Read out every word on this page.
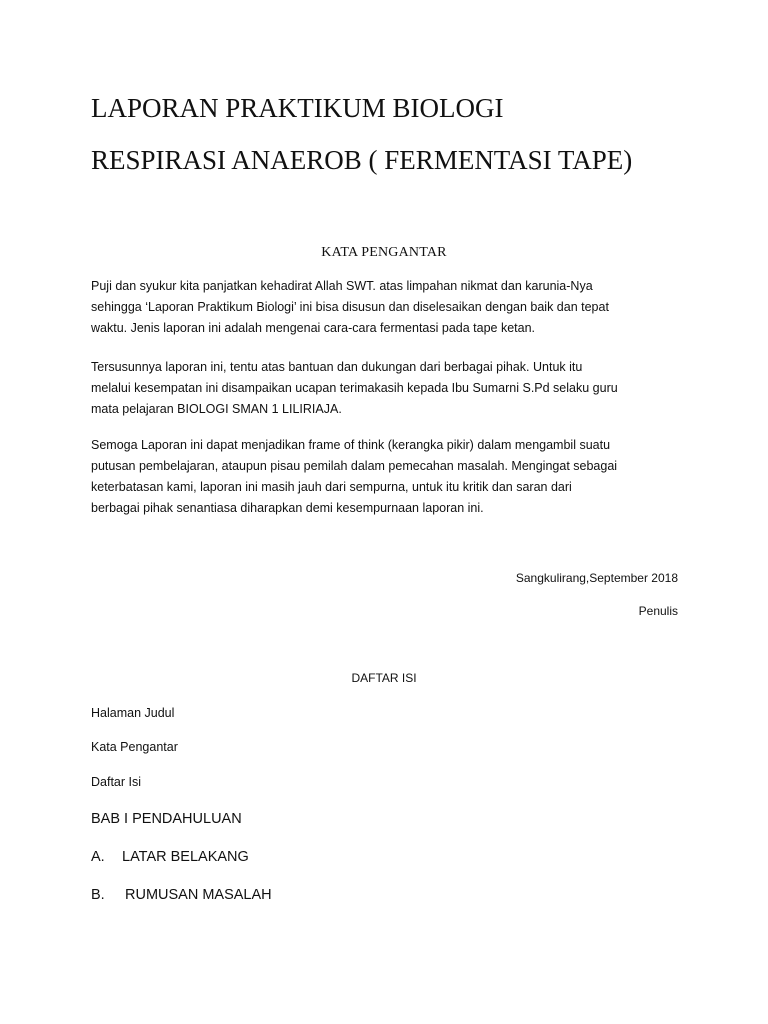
LAPORAN PRAKTIKUM BIOLOGI
RESPIRASI ANAEROB ( FERMENTASI TAPE)
KATA PENGANTAR
Puji dan syukur kita panjatkan kehadirat Allah SWT. atas limpahan nikmat dan karunia-Nya
sehingga ‘Laporan Praktikum Biologi’ ini bisa disusun dan diselesaikan dengan baik dan tepat
waktu. Jenis laporan ini adalah mengenai cara-cara fermentasi pada tape ketan.
Tersusunnya laporan ini, tentu atas bantuan dan dukungan dari berbagai pihak. Untuk itu
melalui kesempatan ini disampaikan ucapan terimakasih kepada Ibu Sumarni S.Pd selaku guru
mata pelajaran BIOLOGI SMAN 1 LILIRIAJA.
Semoga Laporan ini dapat menjadikan frame of think (kerangka pikir) dalam mengambil suatu
putusan pembelajaran, ataupun pisau pemilah dalam pemecahan masalah. Mengingat sebagai
keterbatasan kami, laporan ini masih jauh dari sempurna, untuk itu kritik dan saran dari
berbagai pihak senantiasa diharapkan demi kesempurnaan laporan ini.
Sangkulirang,September 2018
Penulis
DAFTAR ISI
Halaman Judul
Kata Pengantar
Daftar Isi
BAB I PENDAHULUAN
A. LATAR BELAKANG
B. RUMUSAN MASALAH
